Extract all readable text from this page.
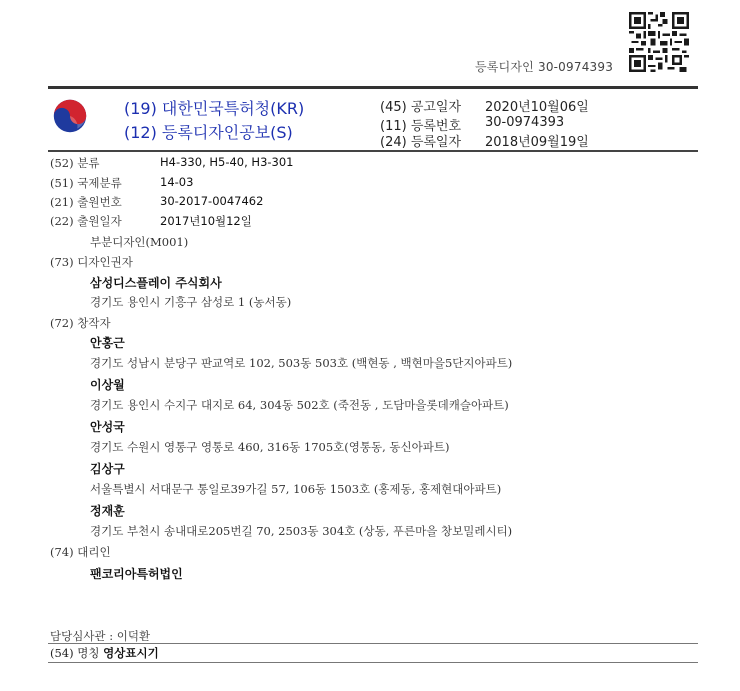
등록디자인 30-0974393
(19) 대한민국특허청(KR)
(12) 등록디자인공보(S)
(45) 공고일자 2020년10월06일
(11) 등록번호 30-0974393
(24) 등록일자 2018년09월19일
(52) 분류	H4-330, H5-40, H3-301
(51) 국제분류	14-03
(21) 출원번호	30-2017-0047462
(22) 출원일자	2017년10월12일
부분디자인(M001)
(73) 디자인권자
삼성디스플레이 주식회사
경기도 용인시 기흥구 삼성로 1 (농서동)
(72) 창작자
안홍근
경기도 성남시 분당구 판교역로 102, 503동 503호 (백현동 , 백현마을5단지아파트)
이상월
경기도 용인시 수지구 대지로 64, 304동 502호 (죽전동 , 도담마을롯데캐슬아파트)
안성국
경기도 수원시 영통구 영통로 460, 316동 1705호(영통동, 동신아파트)
김상구
서울특별시 서대문구 통일로39가길 57, 106동 1503호 (홍제동, 홍제현대아파트)
정재훈
경기도 부천시 송내대로205번길 70, 2503동 304호 (상동, 푸른마을 창보밀레시티)
(74) 대리인
팬코리아특허법인
담당심사관 : 이덕환
(54) 명칭 영상표시기
